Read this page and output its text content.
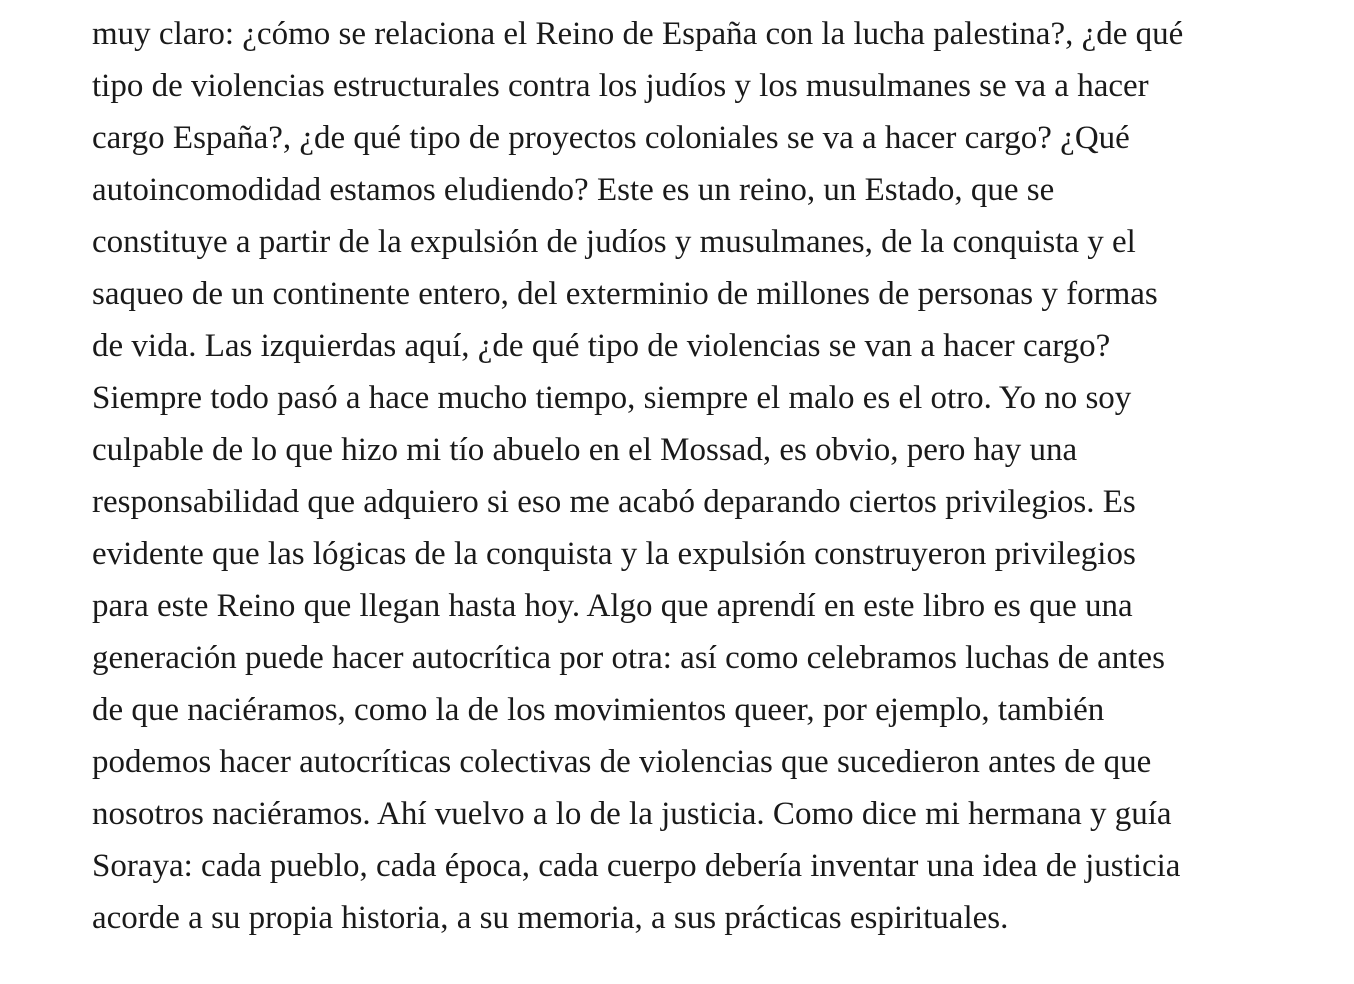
muy claro: ¿cómo se relaciona el Reino de España con la lucha palestina?, ¿de qué
tipo de violencias estructurales contra los judíos y los musulmanes se va a hacer
cargo España?, ¿de qué tipo de proyectos coloniales se va a hacer cargo? ¿Qué
autoincomodidad estamos eludiendo? Este es un reino, un Estado, que se
constituye a partir de la expulsión de judíos y musulmanes, de la conquista y el
saqueo de un continente entero, del exterminio de millones de personas y formas
de vida. Las izquierdas aquí, ¿de qué tipo de violencias se van a hacer cargo?
Siempre todo pasó a hace mucho tiempo, siempre el malo es el otro. Yo no soy
culpable de lo que hizo mi tío abuelo en el Mossad, es obvio, pero hay una
responsabilidad que adquiero si eso me acabó deparando ciertos privilegios. Es
evidente que las lógicas de la conquista y la expulsión construyeron privilegios
para este Reino que llegan hasta hoy. Algo que aprendí en este libro es que una
generación puede hacer autocrítica por otra: así como celebramos luchas de antes
de que naciéramos, como la de los movimientos queer, por ejemplo, también
podemos hacer autocríticas colectivas de violencias que sucedieron antes de que
nosotros naciéramos. Ahí vuelvo a lo de la justicia. Como dice mi hermana y guía
Soraya: cada pueblo, cada época, cada cuerpo debería inventar una idea de justicia
acorde a su propia historia, a su memoria, a sus prácticas espirituales.
